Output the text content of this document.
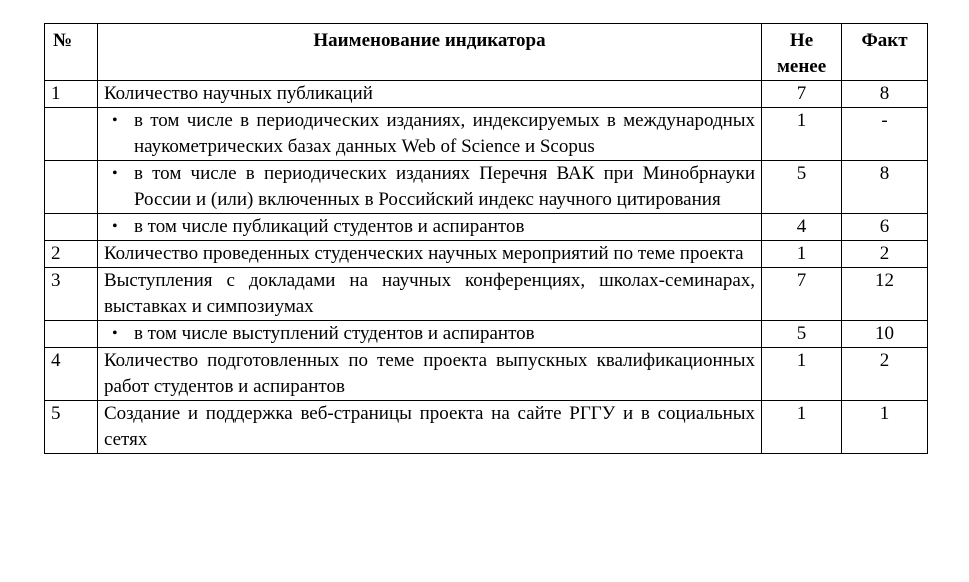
№	Наименование индикатора	Не менее	Факт
1	Количество научных публикаций	7	8

	• в том числе в периодических изданиях, индексируемых в международных наукометрических базах данных Web of Science и Scopus	1	-

	• в том числе в периодических изданиях Перечня ВАК при Минобрнауки России и (или) включенных в Российский индекс научного цитирования	5	8

	• в том числе публикаций студентов и аспирантов	4	6
2	Количество проведенных студенческих научных мероприятий по теме проекта	1	2
3	Выступления с докладами на научных конференциях, школах-семинарах, выставках и симпозиумах	7	12

	• в том числе выступлений студентов и аспирантов	5	10
4	Количество подготовленных по теме проекта выпускных квалификационных работ студентов и аспирантов	1	2
5	Создание и поддержка веб-страницы проекта на сайте РГГУ и в социальных сетях	1	1
